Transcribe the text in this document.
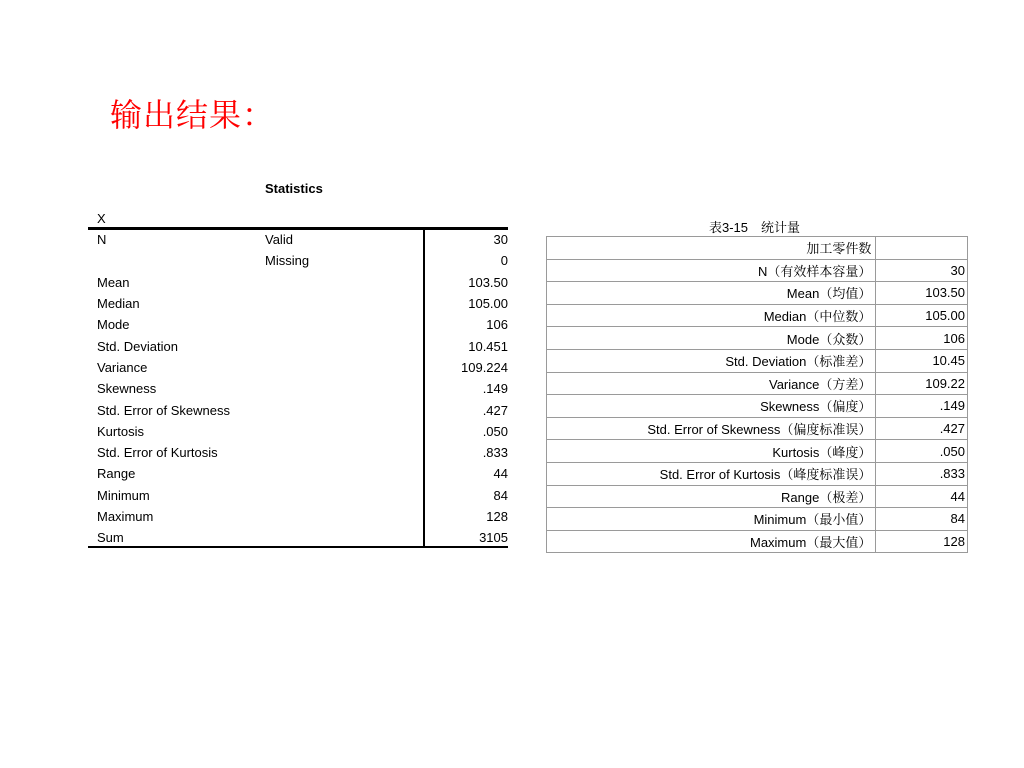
输出结果：
Statistics
X
N	Valid	30
	Missing	0
Mean		103.50
Median		105.00
Mode		106
Std. Deviation		10.451
Variance		109.224
Skewness		.149
Std. Error of Skewness		.427
Kurtosis		.050
Std. Error of Kurtosis		.833
Range		44
Minimum		84
Maximum		128
Sum		3105
表3-15　统计量
加工零件数	
N（有效样本容量）	30
Mean（均值）	103.50
Median（中位数）	105.00
Mode（众数）	106
Std. Deviation（标准差）	10.45
Variance（方差）	109.22
Skewness（偏度）	.149
Std. Error of Skewness（偏度标准误）	.427
Kurtosis（峰度）	.050
Std. Error of Kurtosis（峰度标准误）	.833
Range（极差）	44
Minimum（最小值）	84
Maximum（最大值）	128
